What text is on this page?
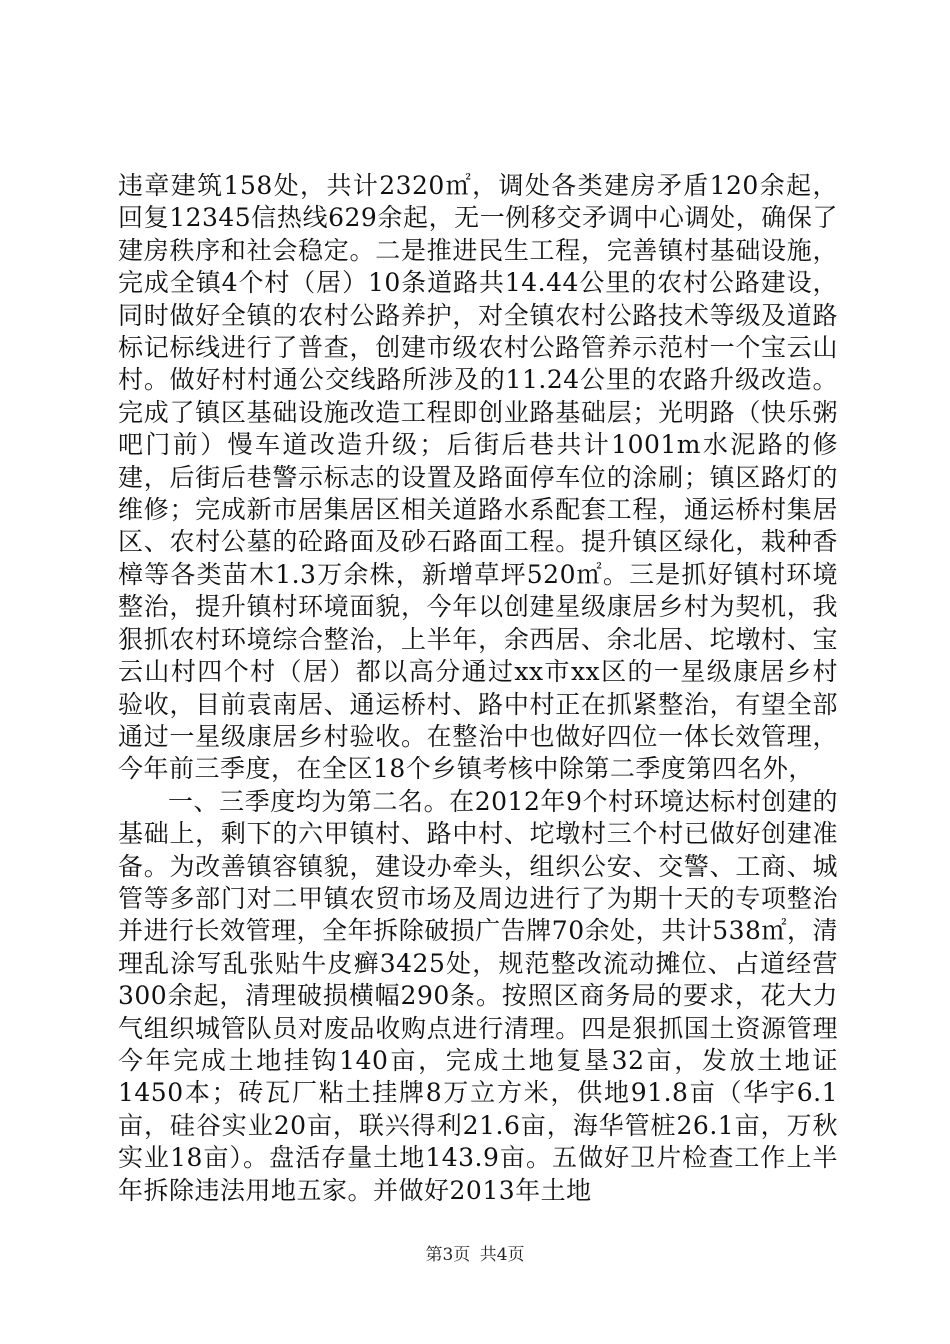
违章建筑158处，共计2320㎡，调处各类建房矛盾120余起，回复12345信热线629余起，无一例移交矛调中心调处，确保了建房秩序和社会稳定。二是推进民生工程，完善镇村基础设施，完成全镇4个村（居）10条道路共14.44公里的农村公路建设，同时做好全镇的农村公路养护，对全镇农村公路技术等级及道路标记标线进行了普查，创建市级农村公路管养示范村一个宝云山村。做好村村通公交线路所涉及的11.24公里的农路升级改造。完成了镇区基础设施改造工程即创业路基础层；光明路（快乐粥吧门前）慢车道改造升级；后街后巷共计1001m水泥路的修建，后街后巷警示标志的设置及路面停车位的涂刷；镇区路灯的维修；完成新市居集居区相关道路水系配套工程，通运桥村集居区、农村公墓的砼路面及砂石路面工程。提升镇区绿化，栽种香樟等各类苗木1.3万余株，新增草坪520㎡。三是抓好镇村环境整治，提升镇村环境面貌，今年以创建星级康居乡村为契机，我狠抓农村环境综合整治，上半年，余西居、余北居、坨墩村、宝云山村四个村（居）都以高分通过xx市xx区的一星级康居乡村验收，目前袁南居、通运桥村、路中村正在抓紧整治，有望全部通过一星级康居乡村验收。在整治中也做好四位一体长效管理，今年前三季度，在全区18个乡镇考核中除第二季度第四名外，

一、三季度均为第二名。在2012年9个村环境达标村创建的基础上，剩下的六甲镇村、路中村、坨墩村三个村已做好创建准备。为改善镇容镇貌，建设办牵头，组织公安、交警、工商、城管等多部门对二甲镇农贸市场及周边进行了为期十天的专项整治并进行长效管理，全年拆除破损广告牌70余处，共计538㎡，清理乱涂写乱张贴牛皮癣3425处，规范整改流动摊位、占道经营300余起，清理破损横幅290条。按照区商务局的要求，花大力气组织城管队员对废品收购点进行清理。四是狠抓国土资源管理今年完成土地挂钩140亩，完成土地复垦32亩，发放土地证1450本；砖瓦厂粘土挂牌8万立方米，供地91.8亩（华宇6.1亩，硅谷实业20亩，联兴得利21.6亩，海华管桩26.1亩，万秋实业18亩）。盘活存量土地143.9亩。五做好卫片检查工作上半年拆除违法用地五家。并做好2013年土地

第3页 共4页
